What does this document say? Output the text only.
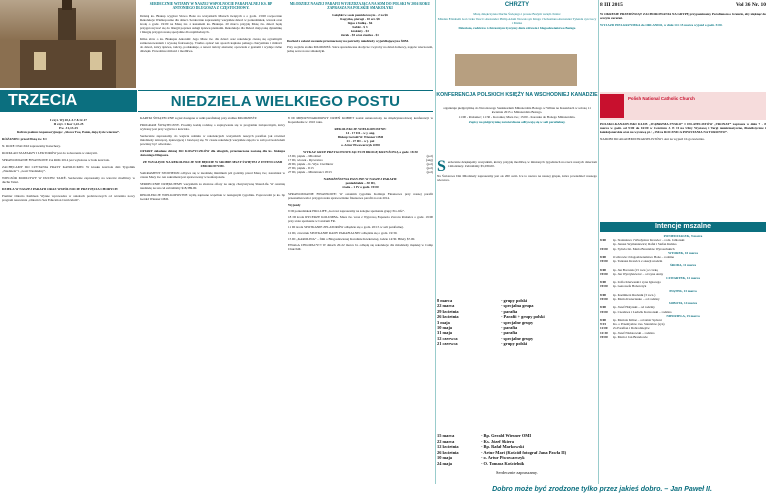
TRZECIA
I czyt. Wj 20,1-3.7-8.12-17
II czyt. 1 Kor 1,22-25
Ew. J 2,13-25
Refren psalmu responsoryjnego: „Słowa Twe, Panie, dają życie wieczne”.

RÓŻANIEC przed Mszą św. 8 I

N. ROZE I PACZKI zapraszamy Katechezy.

ROZKŁAD SZAFARZY I LEKTORÓW jest do zobaczenia w zakrystii.

SPRAWOZDANIE FINANSOWE ZA ROK 2014 jest wyłożone w holu kościoła.

ZACHĘCAMY DO CZYTANIA PRASY KATOLICKIEJ. W kiosku kościoła dziś Tygodnik „Niedziela” i „Gość Niedzielny”.

WIECZÓR MODLITWY W DUCHU TAIZÉ. Serdecznie zapraszamy na wieczór modlitwy w duchu Taizé.

DZIEŁA W NASZEJ PARAFII ORAZ WSPÓLNOCIE PRZYJĘCIA CHORYCH

Premier Ontario Kathleen Wynne wprowadza w szkołach podstawowych od września nowy program nauczania „Ontario's Sex Education Curriculum”.

SERDECZNIE WITAMY W NASZEJ WSPÓLNOCIE PARAFIALNEJ KS. BP ANTONIEGO DLUGOSZA Z CZĘSTOCHOWY.

Dzisiaj ks. Biskup wygłosi Słowo Boże na wszystkich Mszach świętych a o godz. 13:00 rozpocznie Rekolekcje Wielkopostne dla dzieci. Serdecznie zapraszamy wszystkie dzieci w poniedziałek, wtorek oraz środę o godz. 19:00 na Mszę św. z kazaniem ks. Biskupa. 20 marca przyjdą Mszę św. dzieci będą przygotowywać się do liturgii poprzez usługi śpiewu pieśnami. Rekolekcje dla Dzieci mają taką dynamikę i liturgię przygotowaną specjalnie dla najmłodszych.

Kilka słów o ks. Biskupie Antonim: Jego Msze św. dla dzieci oraz rekolekcje cieszą się ogromnym zainteresowaniem i wysoką frekwencją. Trudno opisać ten sposób kapłana pełnego charyzmatu i miłości do dzieci, który śpiewa, tańczy, podskakuje, a nawet tańczy ekstazie; opowiada z gestami i wydaje różne dźwięki. Prawdziwe miłości i modlitwa.

MŁODZIEŻ NASZEJ PARAFII WYJEŻDŻAJĄCA NA ŚDM DO POLSKI W 2016 ROKU ZAPRASZA NA POLSKIE SMAKOŁYKI

Gołąbki w sosie pomidorowym - 2 za $6
Kopytka, pierogi - 10 szt. $8
bigos z bułką - $6
babki - $ 3
krokiety - $3
żurek - $5 oraz ciastka - $1

Dochód z całości zostanie przeznaczony na potrzeby młodzieży wyjeżdżającej na ŚDM.

Przy wejściu stołka MŁODZIEŻ. Salce sprzedawane słodycze i wyroby na dział domowy, zajęcie wieczorem, jedną serce nowe smakołyki.

NIEDZIELA WIELKIEGO POSTU

KARTKI ŚWIĄTECZNE są już dostępne w salki parafialnej przy stoliku MŁODZIEŻY.

PROGRAM ŚWIĄTECZNY. Prosimy każdą rodzinę o zapisywanie się w programie świątecznym, który wybrany jest przy wyjściu z kościoła.

Serdecznie zapraszamy do wejścia udziału w rekolekcjach wszystkich naszych parafian jak również młodzieży tańczącej, śpiewającej i bawiącej się. W czasie rekolekcji wszystkie zajęcia w sali pod kościołem powinny być odwołane.

OFIARY składane dzisiaj DO KOSZYCZKÓW dla ubogich, przeznaczone zostaną dla ks. biskupa Antoniego Długosza.

ZE WZGLĘDU NA REKOLEKCJE NIE BĘDZIE W SROBIE MSZY ŚWIĘTEJ Z INTENCJAMI ZBIOROWYMI.

SAKRAMENT SPOWIEDZI odbywa się w niedzielę minimum pół godziny przed Mszą św.; natomiast w czasie Mszy św. ten sakrament jest sprawowany w konfesjonale.

SERDECZNIE DZIĘKUJEMY wszystkim za złożone ofiary na akcję charytatywną ShareLife. W ostatnią niedzielę na ten cel zebraliśmy $18,389.00.

REKOLEKCJE WIELKOPOSTNE wyślą zapisane wspólnie w następnym tygodniu. Poprowadzi je ks. bp Gerald Wiesner OMI.

8 III MIĘDZYNARODOWY DZIEŃ KOBIET został ustanowiony na międzynarodowej konferencji w Kopenhadze w 1910 roku.

REKOLEKCJE WIELKOPOSTNE:
14 - 17 III – w j. ang.
Biskup Gerald W. Wiesner OMI
21 - 27 III – w j. pol
o. Artur Piwowarczyk OMI

WYKAZ GRUP PRZYGOTOWUJĄCYCH DROGĘ KRZYŻOWĄ o godz. 18:30

13 III, piątek – Młodzież	(pol)
17 III, wtorek - Rycerstwo	(ang)
20 III, piątek – K. Wyz. Cierlików	(pol)
27 III, piątek - 9:15	(pol)
27 III, piątek – Ministranci 18:15	(pol)
NABOŻEŃSTWA PASYJNE W NASZEJ PARAFII:
poniedziałek – 30 III,
środa – 1 IV o godz. 19:00

SPRAWOZDANIE FINANSOWE: W ostatnim tygodniu Komisja Finansowa przy naszej parafii przeanalizowała i przygotowała sprawozdanie finansowe parafii za rok 2014.

Wyjazdy

9 III poniedziałek PRO-LIFE „Gotowi zapraszamy na kolejne spotkanie grupy Pro-life”.

18 III środa RYCERZE KOLUMBA. Msza św. wraz z Wyprawą Espanola Zwrotu Różańca o godz. 19:00 przy stole spotkanie w Centrum FR.

11 III środa SPOTKANIE ZELATORÓW odbędzie się o godz. 20:15 w sali parafialnej.

12 III, czwartek SPOTKANIE RADY PARAFIALNEJ odbędzie się o godz. 19:30.

15 III „KAROLINA” – film o Błogosławionej Karolinie Kózkównej, Gdzie 14:30. Bilety $7.00.

EWAGA CHLOPACY!!! W dniach 20-22 marca br. odbędą się rekolekcje dla młodzieży męskiej w Camp Churchill.

CHRZTY

Mszą dziękczynna Duchu Świętego i prosze Bożym wzięli chrztu:

Mladen Elizabeth Gal córka Vesci i Alexander Philip Adam Nowak syn Kinga i Sebastiana Alexander Tylenda syn Lucy i Maika

Dzieciom, rodziców i chrzestnym życzymy dużo zdrowia i błogosławieństwa Bożego

KONFERENCJA POLSKICH KSIĘŻY NA WSCHODNIEJ KANADZIE

organizuje pielgrzymkę do Narodowego Sanktuarium Miłosierdzia Bożego w Wilnie na Kaszubach w sobotę 11 kwietnia 2015 o Miłosierdzia Bożego.

11:00 - Różaniec; 11:30 - Koronka; Msza św.; 15:00 - Koronka do Bożego Miłosierdzia.

Zapisy na pielgrzymkę zatwierdzone odbywają się w sali parafialnej.

S erdecznie dziękujemy wszystkim, którzy przyjdą modlitwą w minionych tygodniach na rzecz naszych dzieciom i młodzieży. Zebraliśmy $5,036.00.

Na Światowe Dni Młodzieży zapraszamy jest ok 260 osób. Ice to nazwa na naszej grupie, która powiedzieć naszego wieczora.

8 marca	- grupy polski
22 marca	- specjalna grupa
29 kwietnia	- parafia
26 kwietnia	- Parafii + grupy polski
3 maja	- specjalne grupy
10 maja	- parafia
31 maja	- parafia
12 czerwca	- specjalne grupy
21 czerwca	- grupy polski
15 marca	- Bp. Gerald Wiesner OMI
22 marca	- Ks. Józef Skiera
12 kwietnia	- Bp. Rafał Markowski
26 kwietnia	- Artur Mari (Kościół fotograf Jana Pawła II)
10 maja	- o. Artur Piwowarczyk
24 maja	- O. Tomasz Kościelnik
Serdecznie zapraszamy.
8 III 2015	Vol 36 Nr. 10

W OKRESIE PRZEDŚWIĄT ZACHOROWANIA NA GRYPĘ przypominamy Parafianom o Greuzie, aby ulęknąć do szczytu zarażeń.

WYJAZD PIELGRZYMKA do ORLANDO, w dniu 14 i 15 marca wyjazd o godz. 5:00.

Polish National Catholic Church

POLSKO-KANADYJSKI KLUB „WĄBRZMA-TYSKO” I FILATELISTÓW „TRONAT” zaprasza w dniu 7 - 8 marca w godz. od 9:00 do 16:00 w Centrum J. P. II na Ulicy Wystawę i Targi numizmatyczne, filatelistyczne i kolekcjonerskie oraz na wystawę pt.: „150-ta ROCZNICA POWSTANIA NA TORONTO”.

NADOBI DO AKADEMII PRAKSELISTÓW i Ani na wyjazd 10-go kwietnia.

Intencje mszalne
PONIEDZIAŁEK, 9 marca
8:00	śp. Stanisława i Władysław Krawiec – rodz. Jabłonski
śp. Janusz Szymaniewicz; Rafał i Stefan Kulska
19:00	śp. Sylwia Izt. Maria Bronisław Wyrozebskich
WTOREK, 10 marca
8:00	O zdrowie i błogosławieństwo Boże – rodzina
19:00	śp. Tadeusz Krawicz z okazji urodzin
ŚRODA, 11 marca
8:00	śp. Jan Borczek (15 rocz.) z córką
19:00	śp. Jan Wyrzykiewicz – od syna Anny
CZWARTEK, 12 marca
8:00	śp. Zofia Klerwenki i syna Ignacego
19:00	śp. Genowefa Boberczyk
PIĄTEK, 13 marca
8:00	śp. Kazimierz Rucknik (3 rocz.)
19:00	śp. Maria Kwiecienko – od rodziny
SOBOTA, 14 marca
8:00	śp. Józef Hołynski – od rodziny
19:00	śp. Czesława i Ludwik Karwonski – rodzina
NIEDZIELA, 15 marca
8:00	śp. Mariola Kiliaz – od sióstr Spiwni
9:15	Ks. o Przemysław i ks. Stanislaw (syn)
11:00	Za Parafian i Dobrodziejów
12:30	śp. Józef Nisłotowski – rodzina
19:00	śp. Maria i Jan Brandowie
Dobro może być zrodzone tylko przez jakieś dobro. – Jan Paweł II.
